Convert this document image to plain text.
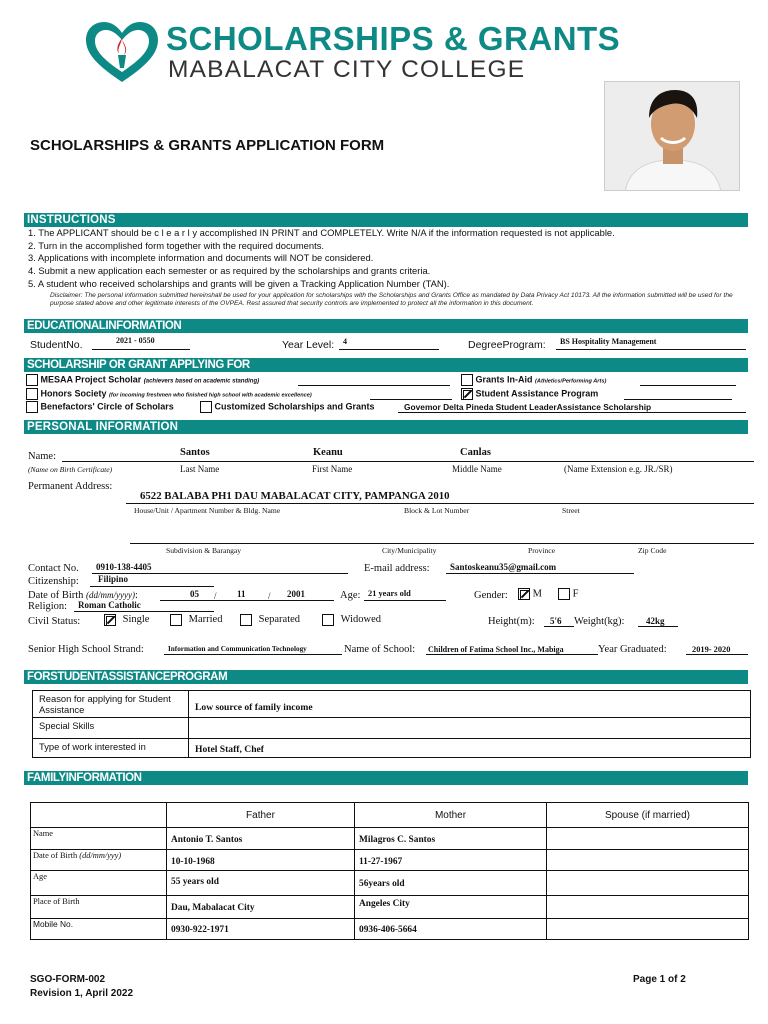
SCHOLARSHIPS & GRANTS
MABALACAT CITY COLLEGE
SCHOLARSHIPS & GRANTS APPLICATION FORM
INSTRUCTIONS
1. The APPLICANT should be c l e a r l y accomplished IN PRINT and COMPLETELY. Write N/A if the information requested is not applicable.
2. Turn in the accomplished form together with the required documents.
3. Applications with incomplete information and documents will NOT be considered.
4. Submit a new application each semester or as required by the scholarships and grants criteria.
5. A student who received scholarships and grants will be given a Tracking Application Number (TAN).
Disclaimer: The personal information submitted hereinshall be used for your application for scholarships with the Scholarships and Grants Office as mandated by Data Privacy Act 10173. All the information submitted will be used for the purpose stated above and other legitimate interests of the OVPEA. Rest assured that security controls are implemented to protect all the information in this document.
EDUCATIONALINFORMATION
StudentNo.	2021 - 0550	Year Level: 4	DegreeProgram: BS Hospitality Management
SCHOLARSHIP OR GRANT APPLYING FOR
MESAA Project Scholar (achievers based on academic standing)
Honors Society (for incoming freshmen who finished high school with academic excellence)
Benefactors' Circle of Scholars	Customized Scholarships and Grants	Govemor Delta Pineda Student LeaderAssistance Scholarship
Grants In-Aid (Athletics/Performing Arts)
Student Assistance Program
PERSONAL INFORMATION
Name:	Santos	Keanu	Canlas
(Name on Birth Certificate)	Last Name	First Name	Middle Name	(Name Extension e.g. JR./SR)
Permanent Address:
6522 BALABA PH1 DAU MABALACAT CITY, PAMPANGA 2010
House/Unit / Apartment Number & Bldg. Name	Block & Lot Number	Street
Subdivision & Barangay	City/Municipality	Province	Zip Code
Contact No. 0910-138-4405	E-mail address: Santoskeanu35@gmail.com
Citizenship: Filipino
Date of Birth (dd/mm/yyyy):	05 / 11 / 2001	Age: 21 years old	Gender:	M	F
Religion: Roman Catholic
Civil Status:	Single	Married	Separated	Widowed	Height(m): 5'6 Weight(kg): 42kg
Senior High School Strand:	Information and Communication Technology	Name of School: Children of Fatima School Inc., Mabiga	Year Graduated:	2019- 2020
FORSTUDENTASSISTANCEPROGRAM
Reason for applying for Student Assistance	Low source of family income
Special Skills	
Type of work interested in	Hotel Staff, Chef
FAMILYINFORMATION
	Father	Mother	Spouse (if married)
Name	Antonio T. Santos	Milagros C. Santos	
Date of Birth (dd/mm/yyy)	10-10-1968	11-27-1967	
Age	55 years old	56years old	
Place of Birth	Dau, Mabalacat City	Angeles City	
Mobile No.	0930-922-1971	0936-406-5664	
SGO-FORM-002
Revision 1, April 2022
Page 1 of 2
